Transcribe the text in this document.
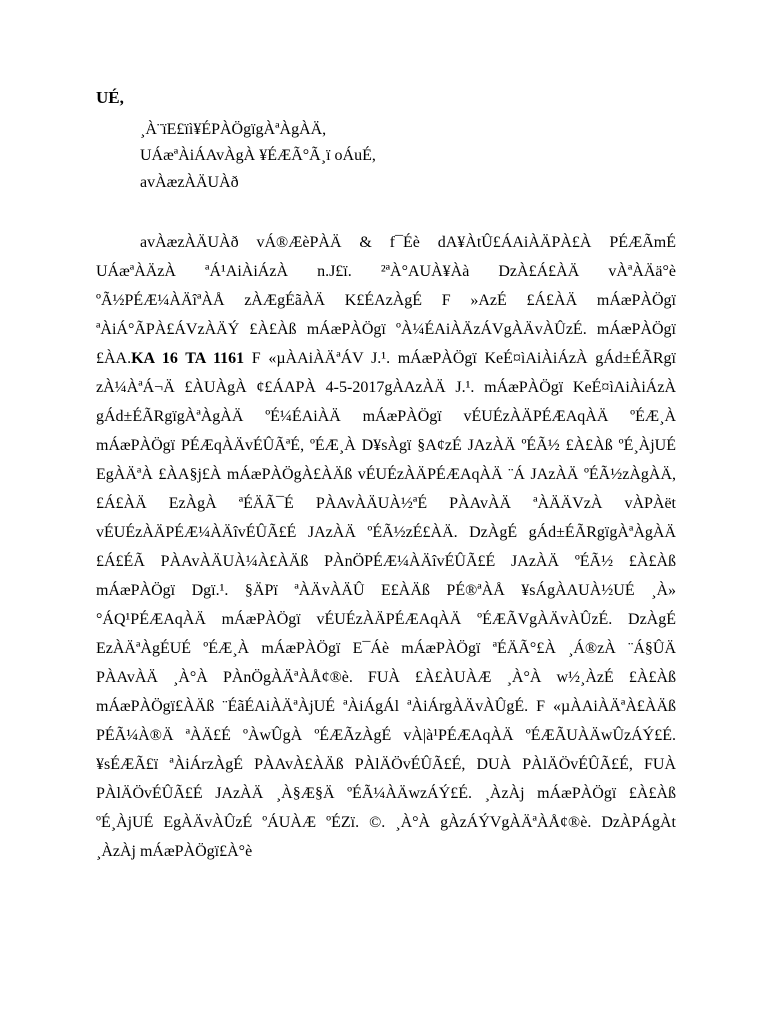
UÉ,
¸À¨ïE£ïì¥ÉPÀÖgïgÀªÀgÀÄ,
UÁæªÀiÁAvÀgÀ ¥ÉÆÃ°Ã¸ï oÁuÉ,
avÀæzÀÄUÀð

avÀæzÀÄUÀð vÁ®ÆèPÀÄ & f¯Éè dA¥ÀtÛ£ÁAiÀÄPÀ£À PÉÆÃmÉ UÁæªÀÄzÀ ªÁ¹AiÀiÁzÀ n.J£ï. ²ªÀ°AUÀ¥Àà DzÀ£Á£ÀÄ vÀªÀÄä°è ºÃ½PÉÆ¼ÀÄîªÀÅ zÀÆgÉãÀÄ K£ÉAzÀgÉ F »AzÉ £Á£ÀÄ mÁæPÀÖgï ªÀiÁ°ÃPÀ£ÁVzÀÄÝ £À£Àß mÁæPÀÖgï ºÀ¼ÉAiÀÄzÁVgÀÄvÀÛzÉ. mÁæPÀÖgï £ÀA.KA 16 TA 1161 F «µÀAiÀÄªÁV J.¹. mÁæPÀÖgï KeÉ¤ìAiÀiÁzÀ gÁd±ÉÃRgï zÀ¼ÀªÁ¬Ä £ÀUÀgÀ ¢£ÁAPÀ 4-5-2017gÀAzÀÄ J.¹. mÁæPÀÖgï KeÉ¤ìAiÀiÁzÀ gÁd±ÉÃRgïgÀªÀgÀÄ ºÉ¼ÉAiÀÄ mÁæPÀÖgï vÉUÉzÀÄPÉÆAqÀÄ ºÉÆ¸À mÁæPÀÖgï PÉÆqÀÄvÉÛÃªÉ, ºÉÆ¸À D¥sÀgï §A¢zÉ JAzÀÄ ºÉÃ½ £À£Àß ºÉ¸ÀjUÉ EgÀÄªÀ £ÀA§j£À mÁæPÀÖgÀ£ÀÄß vÉUÉzÀÄPÉÆAqÀÄ ¨Á JAzÀÄ ºÉÃ½zÀgÀÄ, £Á£ÀÄ EzÀgÀ ªÉÄÃ¯É PÀAvÀÄUÀ½ªÉ PÀAvÀÄ ªÀÄÄVzÀ vÀPÀët vÉUÉzÀÄPÉÆ¼ÀÄîvÉÛÃ£É JAzÀÄ ºÉÃ½zÉ£ÀÄ. DzÀgÉ gÁd±ÉÃRgïgÀªÀgÀÄ £Á£ÉÃ PÀAvÀÄUÀ¼À£ÀÄß PÀnÖPÉÆ¼ÀÄîvÉÛÃ£É JAzÀÄ ºÉÃ½ £À£Àß mÁæPÀÖgï Dgï.¹. §ÄPï ªÀÄvÀÄÛ E£ÀÄß PÉ®ªÀÅ ¥sÁgÀAUÀ½UÉ ¸À» °ÁQ¹PÉÆAqÀÄ mÁæPÀÖgï vÉUÉzÀÄPÉÆAqÀÄ ºÉÆÃVgÀÄvÀÛzÉ. DzÀgÉ EzÀÄªÀgÉUÉ ºÉÆ¸À mÁæPÀÖgï E¯Áè mÁæPÀÖgï ªÉÄÃ°£À ¸Á®zÀ ¨Á§ÛÄ PÀAvÀÄ ¸À°À PÀnÖgÀÄªÀÅ¢®è. FUÀ £À£ÀUÀÆ ¸À°À w½¸ÀzÉ £À£Àß mÁæPÀÖgï£ÀÄß ¨ÉãÉAiÀÄªÀjUÉ ªÀiÁgÁl ªÀiÁrgÀÄvÀÛgÉ. F «µÀAiÀÄªÀ£ÀÄß PÉÃ¼À®Ä ªÀÄ£É ºÀwÛgÀ ºÉÆÃzÀgÉ vÀ|à¹PÉÆAqÀÄ ºÉÆÃUÀÄwÛzÁÝ£É. ¥sÉÆÃ£ï ªÀiÁrzÀgÉ PÀAvÀ£ÀÄß PÀlÄÖvÉÛÃ£É, DUÀ PÀlÄÖvÉÛÃ£É, FUÀ PÀlÄÖvÉÛÃ£É JAzÀÄ ¸À§Æ§Ä ºÉÃ¼ÀÄwzÁÝ£É. ¸ÀzÀj mÁæPÀÖgï £À£Àß ºÉ¸ÀjUÉ EgÀÄvÀÛzÉ ºÁUÀÆ ºÉZï. ©. ¸À°À gÀzÁÝVgÀÄªÀÅ¢®è. DzÀPÁgÀt ¸ÀzÀj mÁæPÀÖgï£À°è
